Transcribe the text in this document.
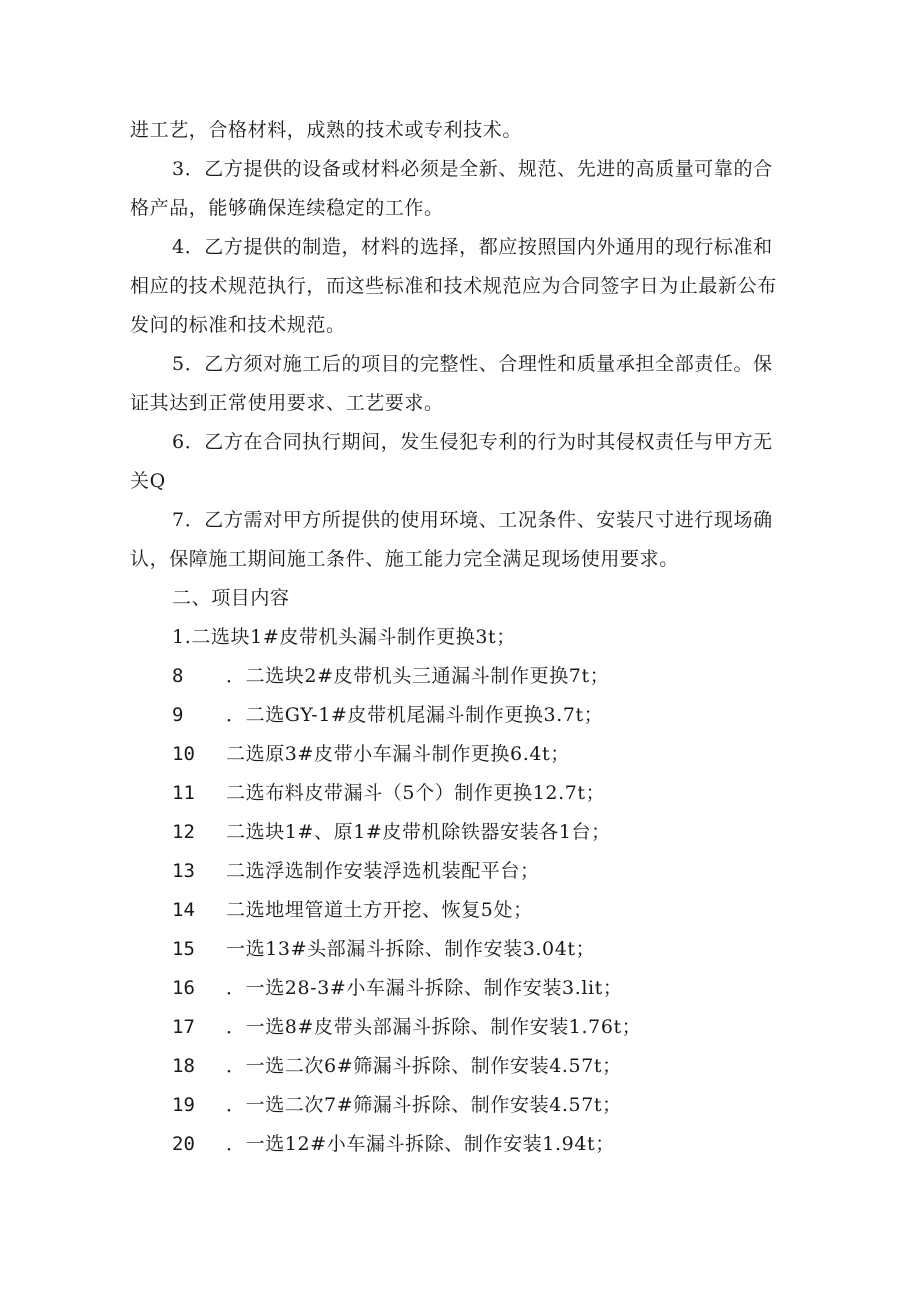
进工艺，合格材料，成熟的技术或专利技术。
3．乙方提供的设备或材料必须是全新、规范、先进的高质量可靠的合
格产品，能够确保连续稳定的工作。
4．乙方提供的制造，材料的选择，都应按照国内外通用的现行标准和
相应的技术规范执行，而这些标准和技术规范应为合同签字日为止最新公布
发问的标准和技术规范。
5．乙方须对施工后的项目的完整性、合理性和质量承担全部责任。保
证其达到正常使用要求、工艺要求。
6．乙方在合同执行期间，发生侵犯专利的行为时其侵权责任与甲方无
关Q
7．乙方需对甲方所提供的使用环境、工况条件、安装尺寸进行现场确
认，保障施工期间施工条件、施工能力完全满足现场使用要求。
二、项目内容
1.二选块1#皮带机头漏斗制作更换3t；
8 ．二选块2#皮带机头三通漏斗制作更换7t；
9 ．二选GY-1#皮带机尾漏斗制作更换3.7t；
10 二选原3#皮带小车漏斗制作更换6.4t；
11 二选布料皮带漏斗（5个）制作更换12.7t；
12 二选块1#、原1#皮带机除铁器安装各1台；
13 二选浮选制作安装浮选机装配平台；
14 二选地埋管道土方开挖、恢复5处；
15 一选13#头部漏斗拆除、制作安装3.04t；
16 ．一选28-3#小车漏斗拆除、制作安装3.lit；
17 ．一选8#皮带头部漏斗拆除、制作安装1.76t；
18 ．一选二次6#筛漏斗拆除、制作安装4.57t；
19 ．一选二次7#筛漏斗拆除、制作安装4.57t；
20 ．一选12#小车漏斗拆除、制作安装1.94t；
